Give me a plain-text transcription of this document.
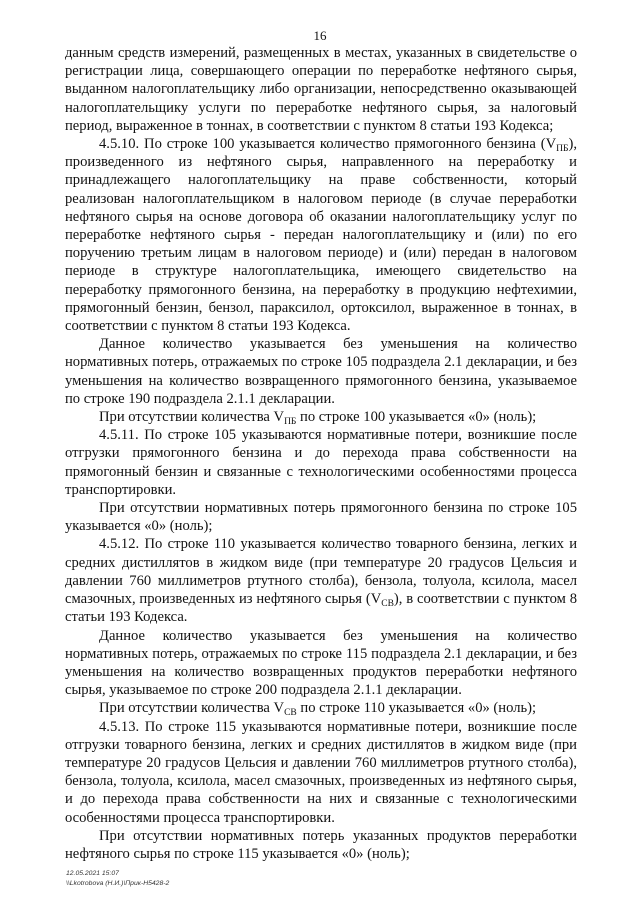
16

данным средств измерений, размещенных в местах, указанных в свидетельстве о регистрации лица, совершающего операции по переработке нефтяного сырья, выданном налогоплательщику либо организации, непосредственно оказывающей налогоплательщику услуги по переработке нефтяного сырья, за налоговый период, выраженное в тоннах, в соответствии с пунктом 8 статьи 193 Кодекса;

4.5.10. По строке 100 указывается количество прямогонного бензина $(V_{ПБ})$, произведенного из нефтяного сырья, направленного на переработку и принадлежащего налогоплательщику на праве собственности, который реализован налогоплательщиком в налоговом периоде (в случае переработки нефтяного сырья на основе договора об оказании налогоплательщику услуг по переработке нефтяного сырья - передан налогоплательщику и (или) по его поручению третьим лицам в налоговом периоде) и (или) передан в налоговом периоде в структуре налогоплательщика, имеющего свидетельство на переработку прямогонного бензина, на переработку в продукцию нефтехимии, прямогонный бензин, бензол, параксилол, ортоксилол, выраженное в тоннах, в соответствии с пунктом 8 статьи 193 Кодекса.

Данное количество указывается без уменьшения на количество нормативных потерь, отражаемых по строке 105 подраздела 2.1 декларации, и без уменьшения на количество возвращенного прямогонного бензина, указываемое по строке 190 подраздела 2.1.1 декларации.

При отсутствии количества $V_{ПБ}$ по строке 100 указывается «0» (ноль);

4.5.11. По строке 105 указываются нормативные потери, возникшие после отгрузки прямогонного бензина и до перехода права собственности на прямогонный бензин и связанные с технологическими особенностями процесса транспортировки.

При отсутствии нормативных потерь прямогонного бензина по строке 105 указывается «0» (ноль);

4.5.12. По строке 110 указывается количество товарного бензина, легких и средних дистиллятов в жидком виде (при температуре 20 градусов Цельсия и давлении 760 миллиметров ртутного столба), бензола, толуола, ксилола, масел смазочных, произведенных из нефтяного сырья $(V_{СВ})$, в соответствии с пунктом 8 статьи 193 Кодекса.

Данное количество указывается без уменьшения на количество нормативных потерь, отражаемых по строке 115 подраздела 2.1 декларации, и без уменьшения на количество возвращенных продуктов переработки нефтяного сырья, указываемое по строке 200 подраздела 2.1.1 декларации.

При отсутствии количества $V_{СВ}$ по строке 110 указывается «0» (ноль);

4.5.13. По строке 115 указываются нормативные потери, возникшие после отгрузки товарного бензина, легких и средних дистиллятов в жидком виде (при температуре 20 градусов Цельсия и давлении 760 миллиметров ртутного столба), бензола, толуола, ксилола, масел смазочных, произведенных из нефтяного сырья, и до перехода права собственности на них и связанные с технологическими особенностями процесса транспортировки.

При отсутствии нормативных потерь указанных продуктов переработки нефтяного сырья по строке 115 указывается «0» (ноль);

12.05.2021 15:07
\\Lkotrobova (Н.И.)\Прик-Н5428-2
